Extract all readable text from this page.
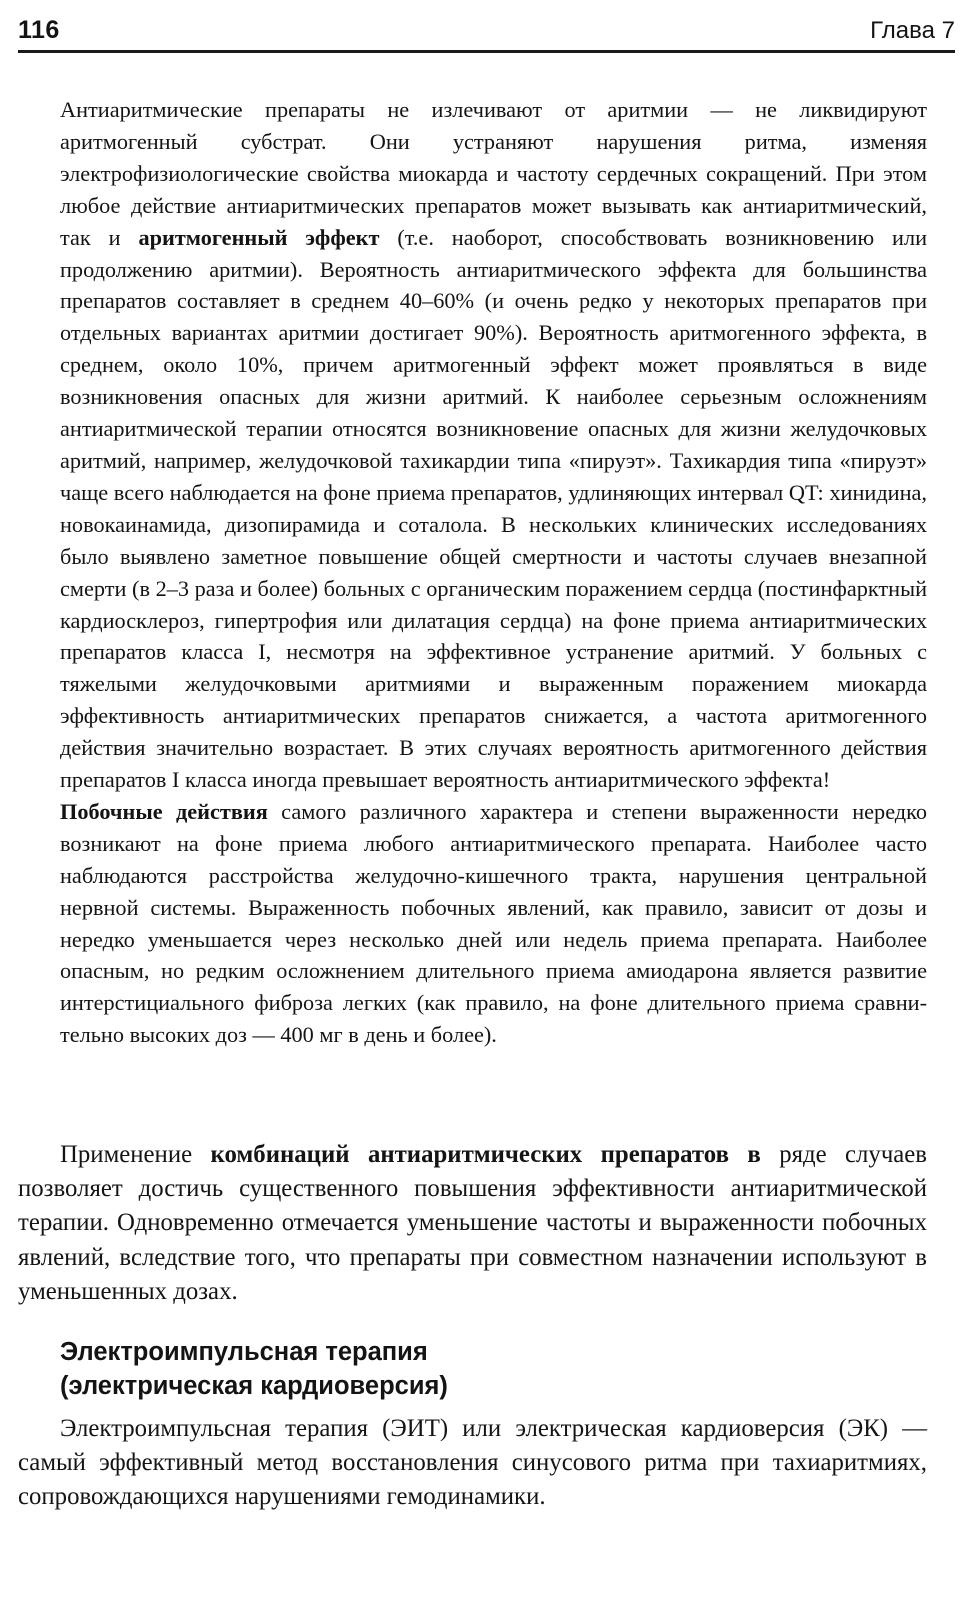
116	Глава 7

Антиаритмические препараты не излечивают от аритмии — не ликвидируют аритмогенный субстрат. Они устраняют нарушения ритма, изменяя электрофизиологические свойства миокарда и частоту сердечных сокращений. При этом любое действие антиаритмических препаратов может вызывать как антиаритмический, так и аритмогенный эффект (т.е. наоборот, способствовать возникновению или продолжению аритмии). Вероятность антиаритмического эффекта для большинства препаратов составляет в среднем 40–60% (и очень редко у некоторых препаратов при отдельных вариантах аритмии достигает 90%). Вероятность аритмогенного эффекта, в среднем, около 10%, причем аритмогенный эффект может проявляться в виде возникновения опасных для жизни аритмий. К наиболее серьезным осложнениям антиаритмической терапии относятся возникновение опасных для жизни желудочковых аритмий, например, желудочковой тахикардии типа «пируэт». Тахикардия типа «пируэт» чаще всего наблюдается на фоне приема препаратов, удлиняющих интервал QT: хинидина, новокаинамида, дизопирамида и соталола. В нескольких клинических исследованиях было выявлено заметное повышение общей смертности и частоты случаев внезапной смерти (в 2–3 раза и более) больных с органическим поражением сердца (постинфарктный кардиосклероз, гипертрофия или дилатация сердца) на фоне приема антиаритмических препаратов класса I, несмотря на эффективное устранение аритмий. У больных с тяжелыми желудочковыми аритмиями и выраженным поражением миокарда эффективность антиаритмических препаратов снижается, а частота аритмогенного действия значительно возрастает. В этих случаях вероятность аритмогенного действия препаратов I класса иногда превышает вероятность антиаритмического эффекта!

Побочные действия самого различного характера и степени выраженности нередко возникают на фоне приема любого антиаритмического препарата. Наиболее часто наблюдаются расстройства желудочно-кишечного тракта, нарушения центральной нервной системы. Выраженность побочных явлений, как правило, зависит от дозы и нередко уменьшается через несколько дней или недель приема препарата. Наиболее опасным, но редким осложнением длительного приема амиодарона является развитие интерстициального фиброза легких (как правило, на фоне длительного приема сравнительно высоких доз — 400 мг в день и более).

Применение комбинаций антиаритмических препаратов в ряде случаев позволяет достичь существенного повышения эффективности антиаритмической терапии. Одновременно отмечается уменьшение частоты и выраженности побочных явлений, вследствие того, что препараты при совместном назначении используют в уменьшенных дозах.

Электроимпульсная терапия
(электрическая кардиоверсия)

Электроимпульсная терапия (ЭИТ) или электрическая кардиоверсия (ЭК) — самый эффективный метод восстановления синусового ритма при тахиаритмиях, сопровождающихся нарушениями гемодинамики.
